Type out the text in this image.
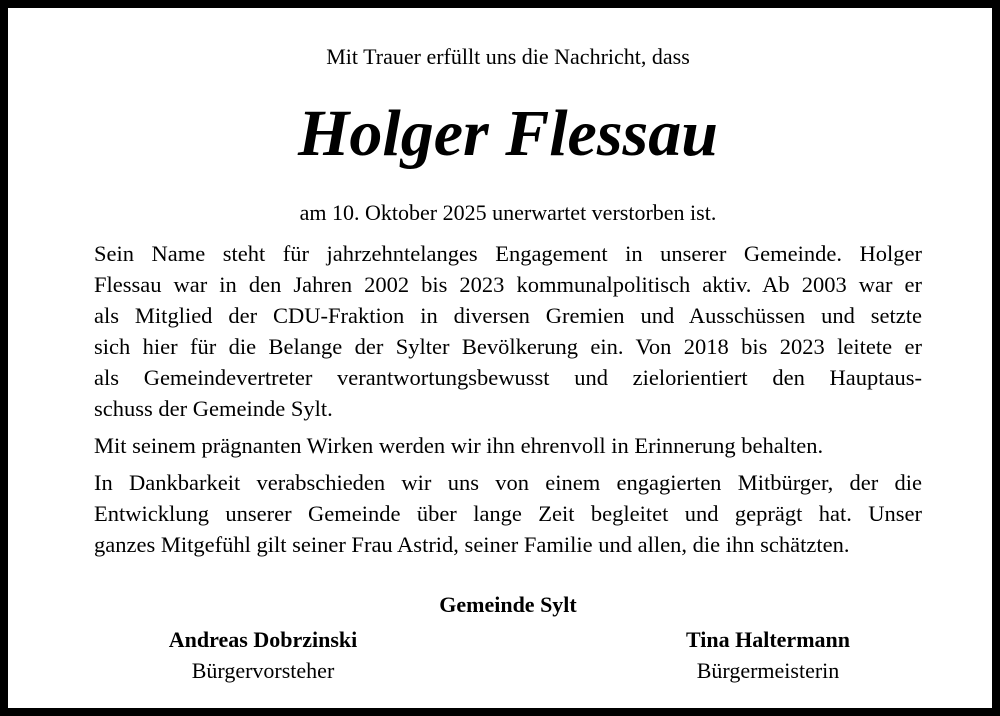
Mit Trauer erfüllt uns die Nachricht, dass
Holger Flessau
am 10. Oktober 2025 unerwartet verstorben ist.
Sein Name steht für jahrzehntelanges Engagement in unserer Gemeinde. Holger
Flessau war in den Jahren 2002 bis 2023 kommunalpolitisch aktiv. Ab 2003 war er
als Mitglied der CDU-Fraktion in diversen Gremien und Ausschüssen und setzte
sich hier für die Belange der Sylter Bevölkerung ein. Von 2018 bis 2023 leitete er
als Gemeindevertreter verantwortungsbewusst und zielorientiert den Hauptaus-
schuss der Gemeinde Sylt.
Mit seinem prägnanten Wirken werden wir ihn ehrenvoll in Erinnerung behalten.
In Dankbarkeit verabschieden wir uns von einem engagierten Mitbürger, der die
Entwicklung unserer Gemeinde über lange Zeit begleitet und geprägt hat. Unser
ganzes Mitgefühl gilt seiner Frau Astrid, seiner Familie und allen, die ihn schätzten.
Gemeinde Sylt
Andreas Dobrzinski
Bürgervorsteher
Tina Haltermann
Bürgermeisterin
